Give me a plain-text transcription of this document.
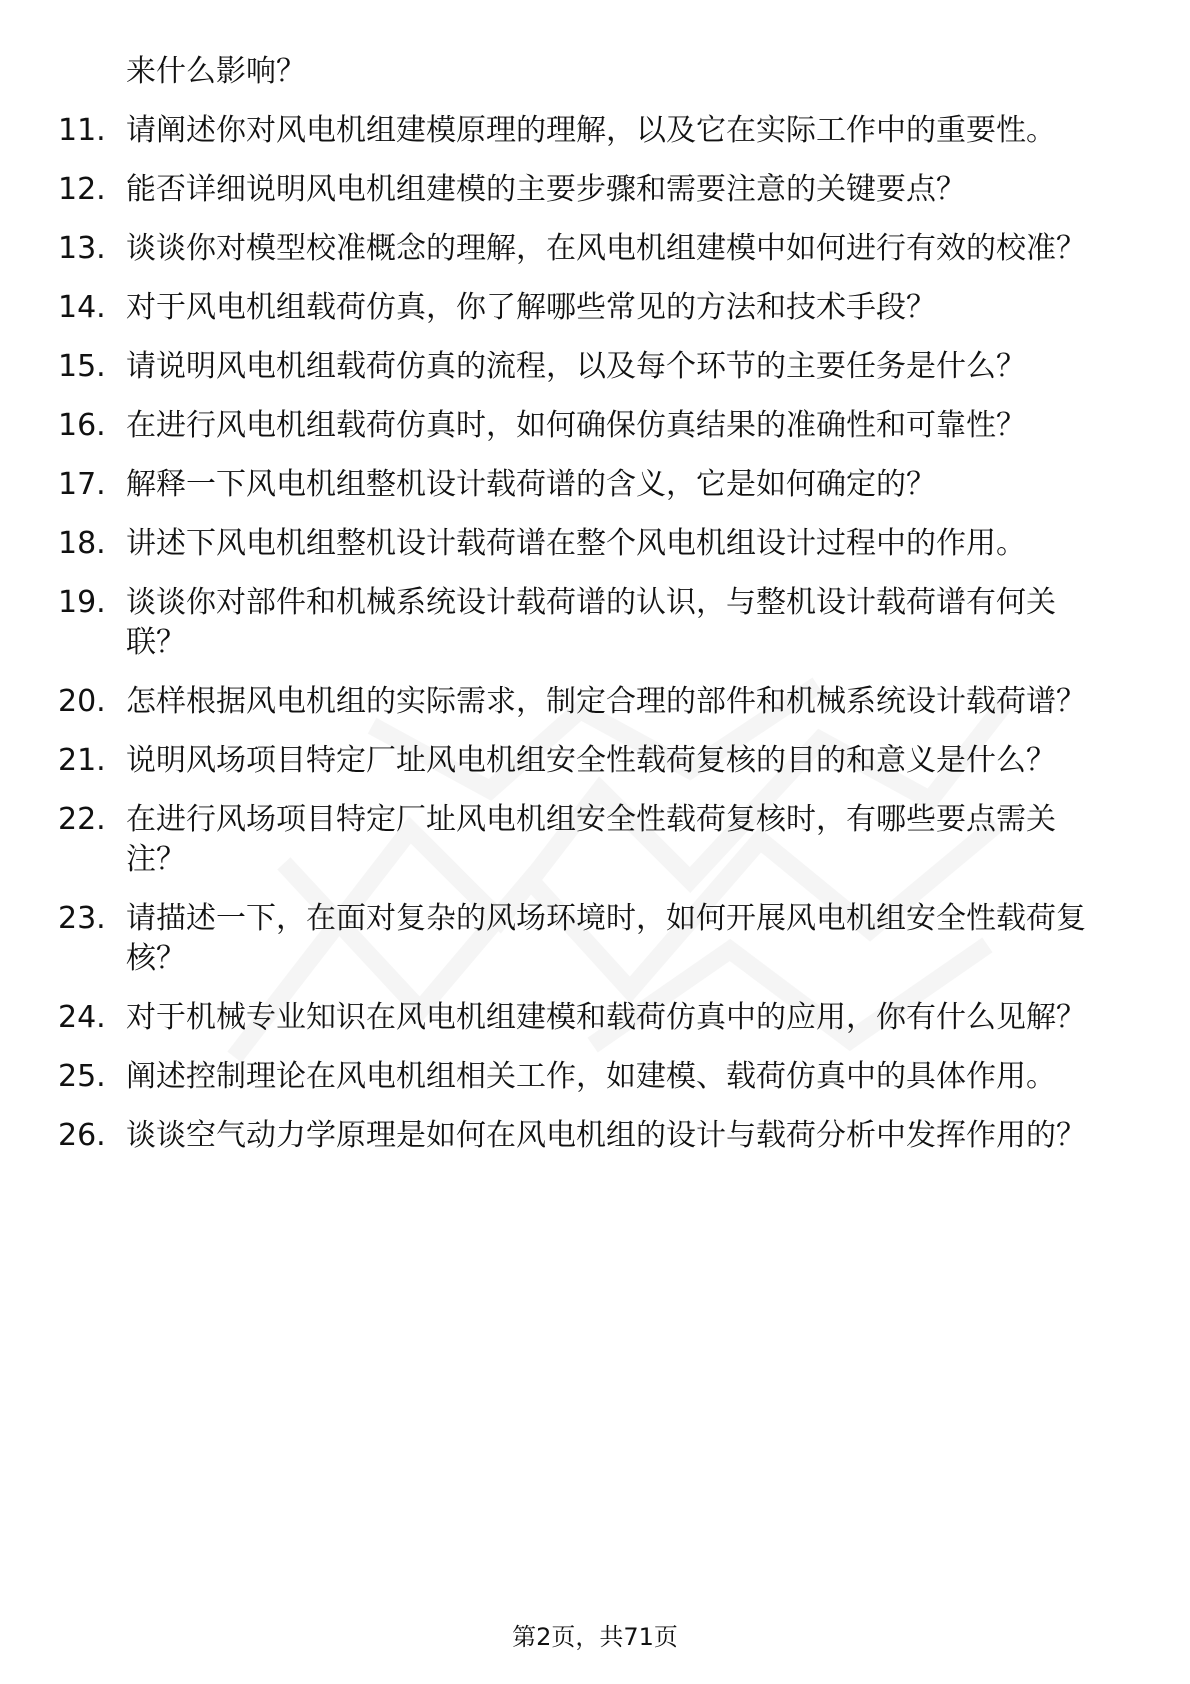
来什么影响？
11. 请阐述你对风电机组建模原理的理解，以及它在实际工作中的重要性。
12. 能否详细说明风电机组建模的主要步骤和需要注意的关键要点？
13. 谈谈你对模型校准概念的理解，在风电机组建模中如何进行有效的校准？
14. 对于风电机组载荷仿真，你了解哪些常见的方法和技术手段？
15. 请说明风电机组载荷仿真的流程，以及每个环节的主要任务是什么？
16. 在进行风电机组载荷仿真时，如何确保仿真结果的准确性和可靠性？
17. 解释一下风电机组整机设计载荷谱的含义，它是如何确定的？
18. 讲述下风电机组整机设计载荷谱在整个风电机组设计过程中的作用。
19. 谈谈你对部件和机械系统设计载荷谱的认识，与整机设计载荷谱有何关联？
20. 怎样根据风电机组的实际需求，制定合理的部件和机械系统设计载荷谱？
21. 说明风场项目特定厂址风电机组安全性载荷复核的目的和意义是什么？
22. 在进行风场项目特定厂址风电机组安全性载荷复核时，有哪些要点需关注？
23. 请描述一下，在面对复杂的风场环境时，如何开展风电机组安全性载荷复核？
24. 对于机械专业知识在风电机组建模和载荷仿真中的应用，你有什么见解？
25. 阐述控制理论在风电机组相关工作，如建模、载荷仿真中的具体作用。
26. 谈谈空气动力学原理是如何在风电机组的设计与载荷分析中发挥作用的？
第2页，共71页
